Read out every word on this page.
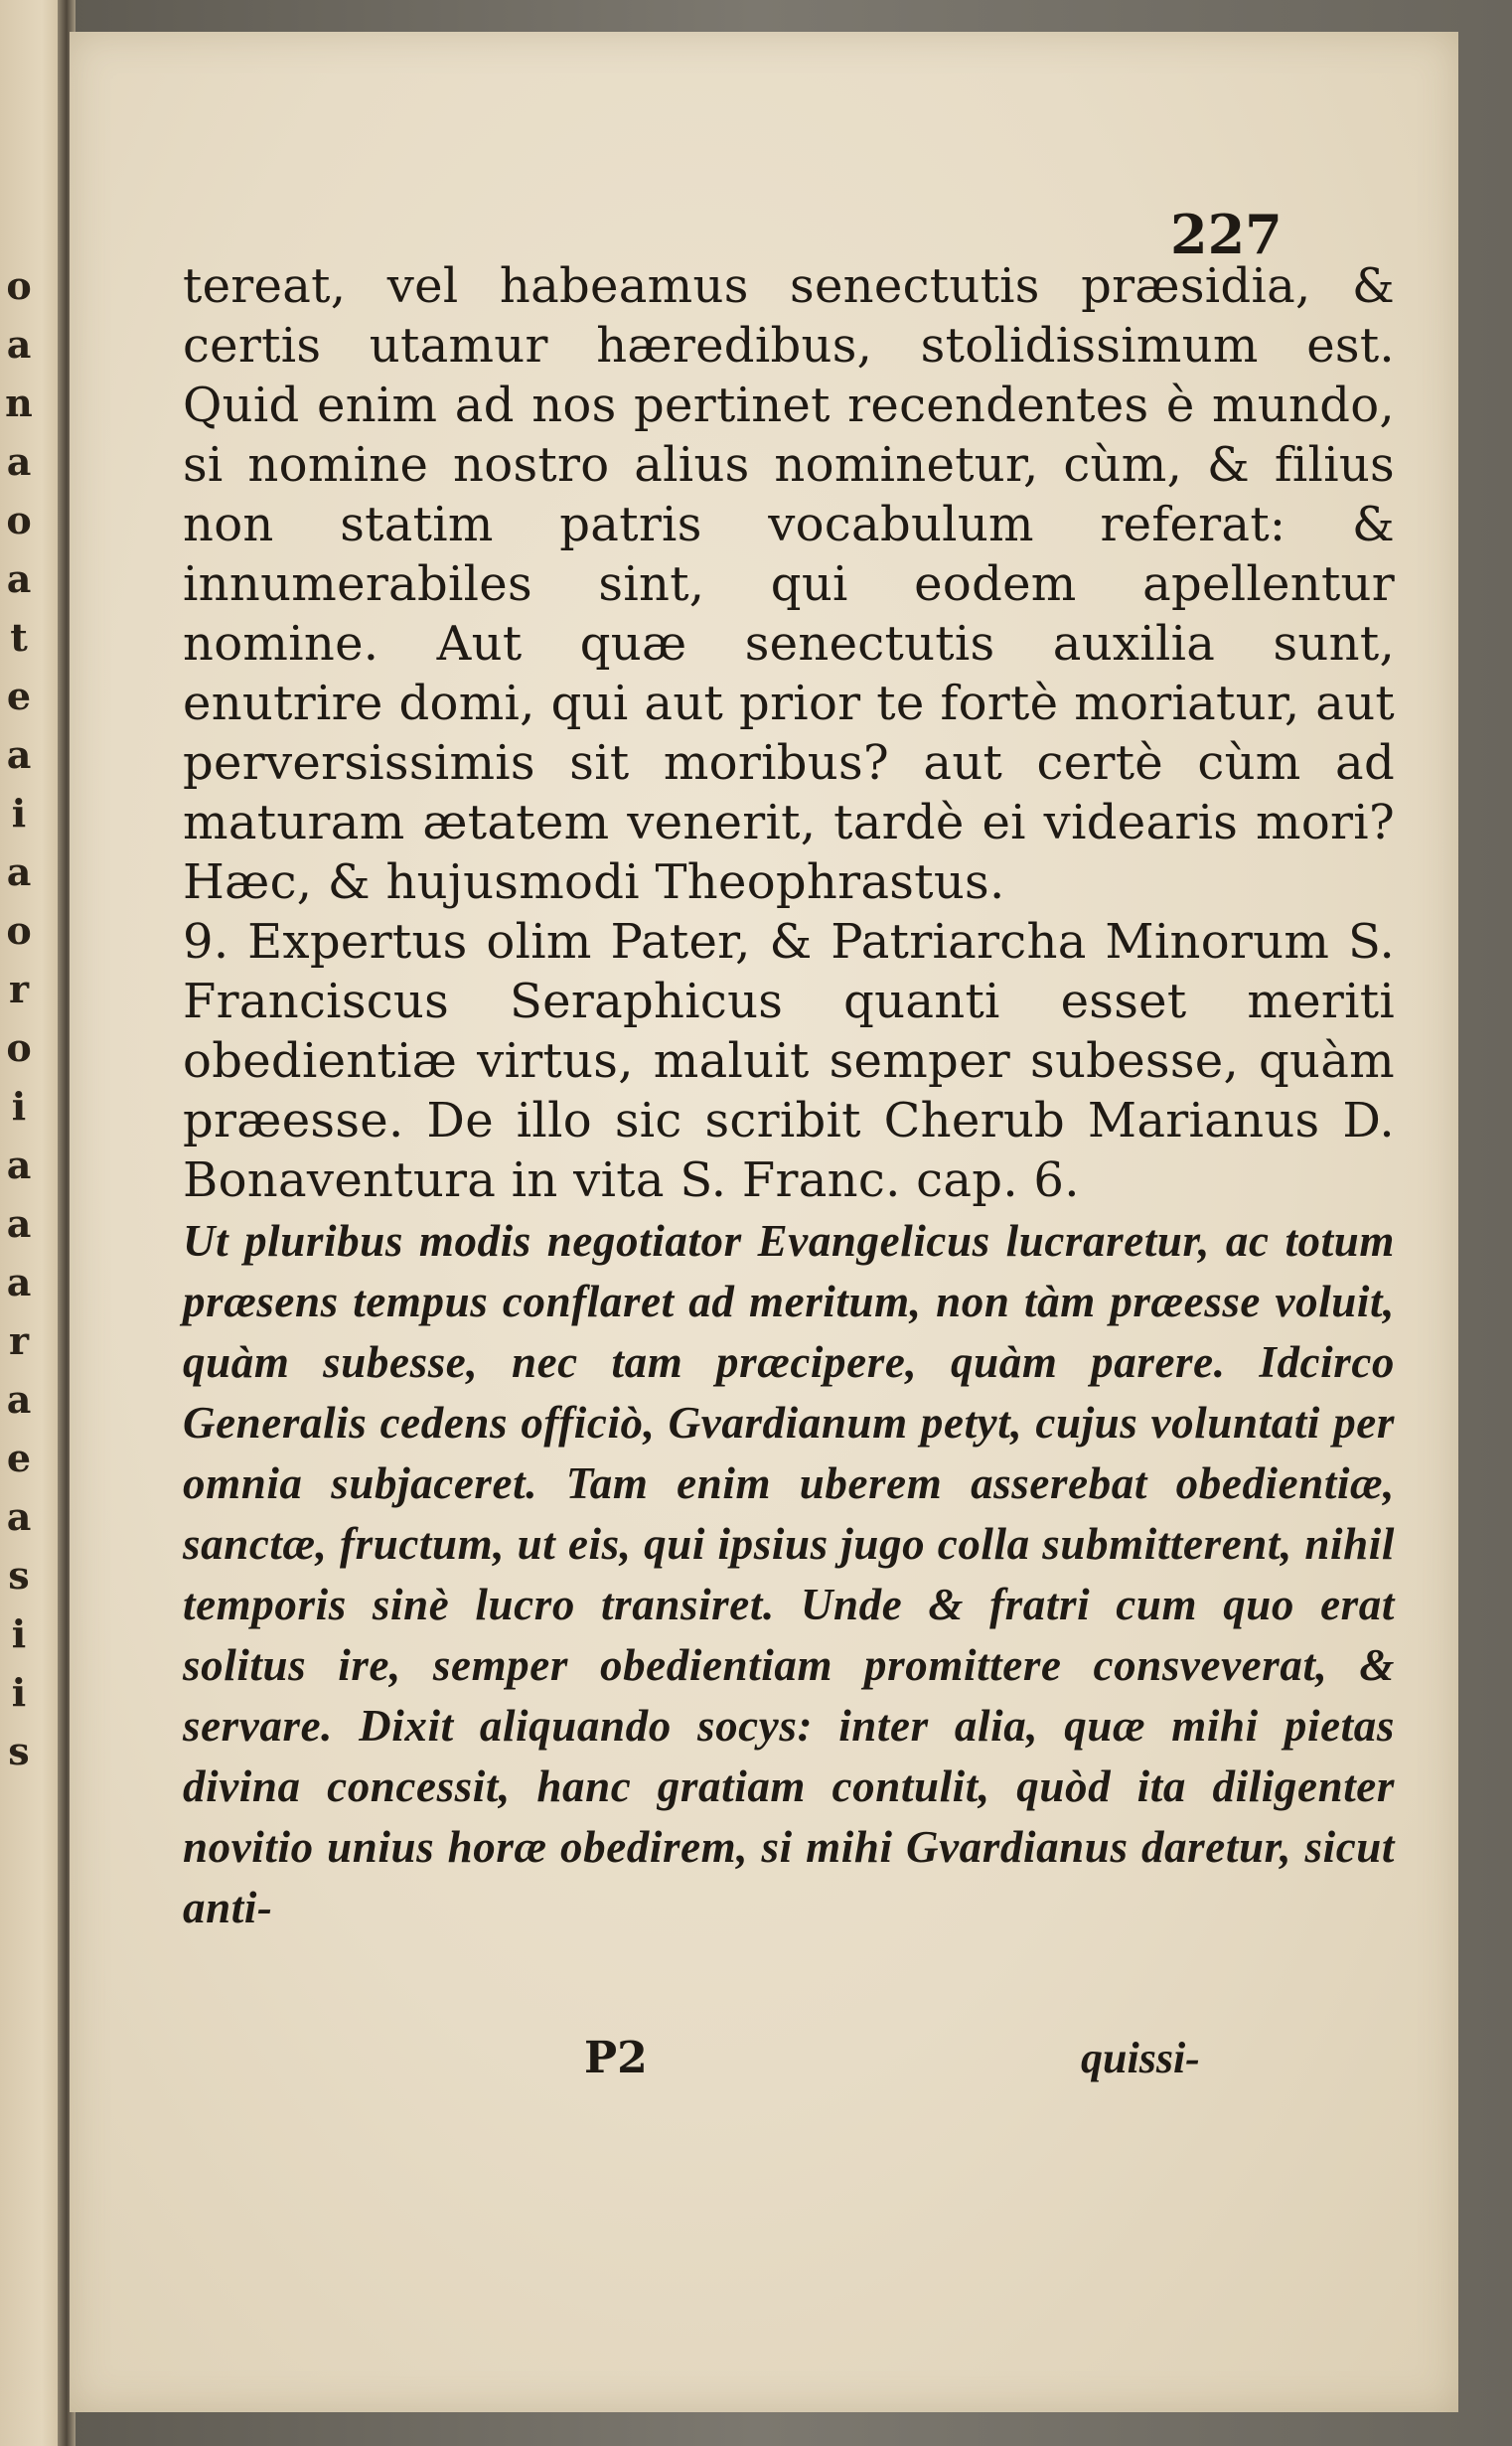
o
a
n
a
o
a
t
e
a
i
a
o
r
o
i
a
a
a
r
a
e
a
s
i
i
s
227
tereat, vel habeamus senectutis præsidia, & certis utamur hæredibus, stolidissimum est. Quid enim ad nos pertinet recendentes è mundo, si nomine nostro alius nominetur, cùm, & filius non statim patris vocabulum referat: & innumerabiles sint, qui eodem apellentur nomine. Aut quæ senectutis auxilia sunt, enutrire domi, qui aut prior te fortè moriatur, aut perversissimis sit moribus? aut certè cùm ad maturam ætatem venerit, tardè ei videaris mori? Hæc, & hujusmodi Theophrastus.
9. Expertus olim Pater, & Patriarcha Minorum S. Franciscus Seraphicus quanti esset meriti obedientiæ virtus, maluit semper subesse, quàm præesse. De illo sic scribit Cherub Marianus D. Bonaventura in vita S. Franc. cap. 6.
Ut pluribus modis negotiator Evangelicus lucraretur, ac totum præsens tempus conflaret ad meritum, non tàm præesse voluit, quàm subesse, nec tam præcipere, quàm parere. Idcirco Generalis cedens officiò, Gvardianum petyt, cujus voluntati per omnia subjaceret. Tam enim uberem asserebat obedientiæ, sanctæ, fructum, ut eis, qui ipsius jugo colla submitterent, nihil temporis sinè lucro transiret. Unde & fratri cum quo erat solitus ire, semper obedientiam promittere consveverat, & servare. Dixit aliquando socys: inter alia, quæ mihi pietas divina concessit, hanc gratiam contulit, quòd ita diligenter novitio unius horæ obedirem, si mihi Gvardianus daretur, sicut anti-
P2	quissi-
